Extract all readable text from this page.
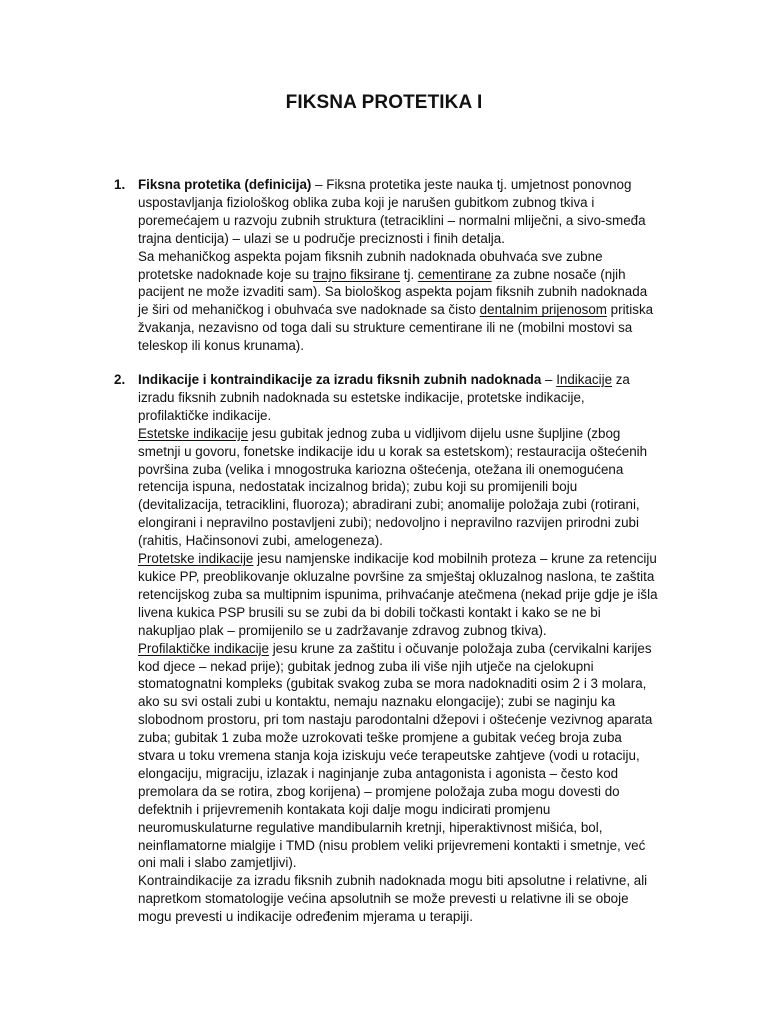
FIKSNA PROTETIKA I
1. Fiksna protetika (definicija) – Fiksna protetika jeste nauka tj. umjetnost ponovnog uspostavljanja fiziološkog oblika zuba koji je narušen gubitkom zubnog tkiva i poremećajem u razvoju zubnih struktura (tetraciklini – normalni mliječni, a sivo-smeđa trajna denticija) – ulazi se u područje preciznosti i finih detalja.

Sa mehaničkog aspekta pojam fiksnih zubnih nadoknada obuhvaća sve zubne protetske nadoknade koje su trajno fiksirane tj. cementirane za zubne nosače (njih pacijent ne može izvaditi sam). Sa biološkog aspekta pojam fiksnih zubnih nadoknada je širi od mehaničkog i obuhvaća sve nadoknade sa čisto dentalnim prijenosom pritiska žvakanja, nezavisno od toga dali su strukture cementirane ili ne (mobilni mostovi sa teleskop ili konus krunama).

2. Indikacije i kontraindikacije za izradu fiksnih zubnih nadoknada – Indikacije za izradu fiksnih zubnih nadoknada su estetske indikacije, protetske indikacije, profilaktičke indikacije.

Estetske indikacije jesu gubitak jednog zuba u vidljivom dijelu usne šupljine (zbog smetnji u govoru, fonetske indikacije idu u korak sa estetskom); restauracija oštećenih površina zuba (velika i mnogostruka kariozna oštećenja, otežana ili onemogućena retencija ispuna, nedostatak incizalnog brida); zubu koji su promijenili boju (devitalizacija, tetraciklini, fluoroza); abradirani zubi; anomalije položaja zubi (rotirani, elongirani i nepravilno postavljeni zubi); nedovoljno i nepravilno razvijen prirodni zubi (rahitis, Hačinsonovi zubi, amelogeneza).

Protetske indikacije jesu namjenske indikacije kod mobilnih proteza – krune za retenciju kukice PP, preoblikovanje okluzalne površine za smještaj okluzalnog naslona, te zaštita retencijskog zuba sa multipnim ispunima, prihvaćanje atečmena (nekad prije gdje je išla livena kukica PSP brusili su se zubi da bi dobili točkasti kontakt i kako se ne bi nakupljao plak – promijenilo se u zadržavanje zdravog zubnog tkiva).

Profilaktičke indikacije jesu krune za zaštitu i očuvanje položaja zuba (cervikalni karijes kod djece – nekad prije); gubitak jednog zuba ili više njih utječe na cjelokupni stomatognatni kompleks (gubitak svakog zuba se mora nadoknaditi osim 2 i 3 molara, ako su svi ostali zubi u kontaktu, nemaju naznaku elongacije); zubi se naginju ka slobodnom prostoru, pri tom nastaju parodontalni džepovi i oštećenje vezivnog aparata zuba; gubitak 1 zuba može uzrokovati teške promjene a gubitak većeg broja zuba stvara u toku vremena stanja koja iziskuju veće terapeutske zahtjeve (vodi u rotaciju, elongaciju, migraciju, izlazak i naginjanje zuba antagonista i agonista – često kod premolara da se rotira, zbog korijena) – promjene položaja zuba mogu dovesti do defektnih i prijevremenih kontakata koji dalje mogu indicirati promjenu neuromuskulaturne regulative mandibularnih kretnji, hiperaktivnost mišića, bol, neinflamatorne mialgije i TMD (nisu problem veliki prijevremeni kontakti i smetnje, već oni mali i slabo zamjetljivi).

Kontraindikacije za izradu fiksnih zubnih nadoknada mogu biti apsolutne i relativne, ali napretkom stomatologije većina apsolutnih se može prevesti u relativne ili se oboje mogu prevesti u indikacije određenim mjerama u terapiji.
